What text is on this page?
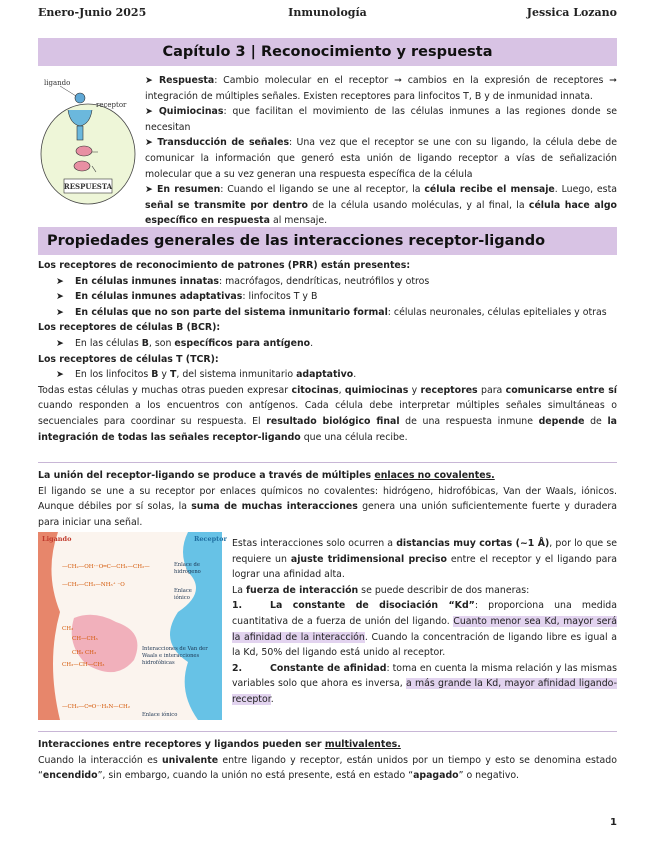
Enero-Junio 2025	Inmunología	Jessica Lozano
Capítulo 3 | Reconocimiento y respuesta
ligando
receptor
RESPUESTA
➤ Respuesta: Cambio molecular en el receptor ➞ cambios en la expresión de receptores ➞ integración de múltiples señales. Existen receptores para linfocitos T, B y de inmunidad innata.
➤ Quimiocinas: que facilitan el movimiento de las células inmunes a las regiones donde se necesitan
➤ Transducción de señales: Una vez que el receptor se une con su ligando, la célula debe de comunicar la información que generó esta unión de ligando receptor a vías de señalización molecular que a su vez generan una respuesta específica de la célula
➤ En resumen: Cuando el ligando se une al receptor, la célula recibe el mensaje. Luego, esta señal se transmite por dentro de la célula usando moléculas, y al final, la célula hace algo específico en respuesta al mensaje.
Propiedades generales de las interacciones receptor-ligando
Los receptores de reconocimiento de patrones (PRR) están presentes:
➤ En células inmunes innatas: macrófagos, dendríticas, neutrófilos y otros
➤ En células inmunes adaptativas: linfocitos T y B
➤ En células que no son parte del sistema inmunitario formal: células neuronales, células epiteliales y otras
Los receptores de células B (BCR):
➤ En las células B, son específicos para antígeno.
Los receptores de células T (TCR):
➤ En los linfocitos B y T, del sistema inmunitario adaptativo.
Todas estas células y muchas otras pueden expresar citocinas, quimiocinas y receptores para comunicarse entre sí cuando responden a los encuentros con antígenos. Cada célula debe interpretar múltiples señales simultáneas o secuenciales para coordinar su respuesta. El resultado biológico final de una respuesta inmune depende de la integración de todas las señales receptor-ligando que una célula recibe.
La unión del receptor-ligando se produce a través de múltiples enlaces no covalentes.
El ligando se une a su receptor por enlaces químicos no covalentes: hidrógeno, hidrofóbicas, Van der Waals, iónicos. Aunque débiles por sí solas, la suma de muchas interacciones genera una unión suficientemente fuerte y duradera para iniciar una señal.
Ligando	Receptor
—CH₂—OH···O═C—CH₂—CH₂—
—CH₂—CH₂—NH₃⁺ ⁻O
CH₂
CH—CH₃
CH₃ CH₃
CH₃—CH—CH₃
—CH₂—C═O···H₂N—CH₂
Enlace de
hidrógeno
Enlace
iónico
Interacciones de Van der
Waals e interacciones
hidrofóbicas
Enlace iónico
Estas interacciones solo ocurren a distancias muy cortas (~1 Å), por lo que se requiere un ajuste tridimensional preciso entre el receptor y el ligando para lograr una afinidad alta.
La fuerza de interacción se puede describir de dos maneras:
1.	La constante de disociación “Kd”: proporciona una medida cuantitativa de a fuerza de unión del ligando. Cuanto menor sea Kd, mayor será la afinidad de la interacción. Cuando la concentración de ligando libre es igual a la Kd, 50% del ligando está unido al receptor.
2.	Constante de afinidad: toma en cuenta la misma relación y las mismas variables solo que ahora es inversa, a más grande la Kd, mayor afinidad ligando-receptor.
Interacciones entre receptores y ligandos pueden ser multivalentes.
Cuando la interacción es univalente entre ligando y receptor, están unidos por un tiempo y esto se denomina estado “encendido”, sin embargo, cuando la unión no está presente, está en estado “apagado” o negativo.
1
